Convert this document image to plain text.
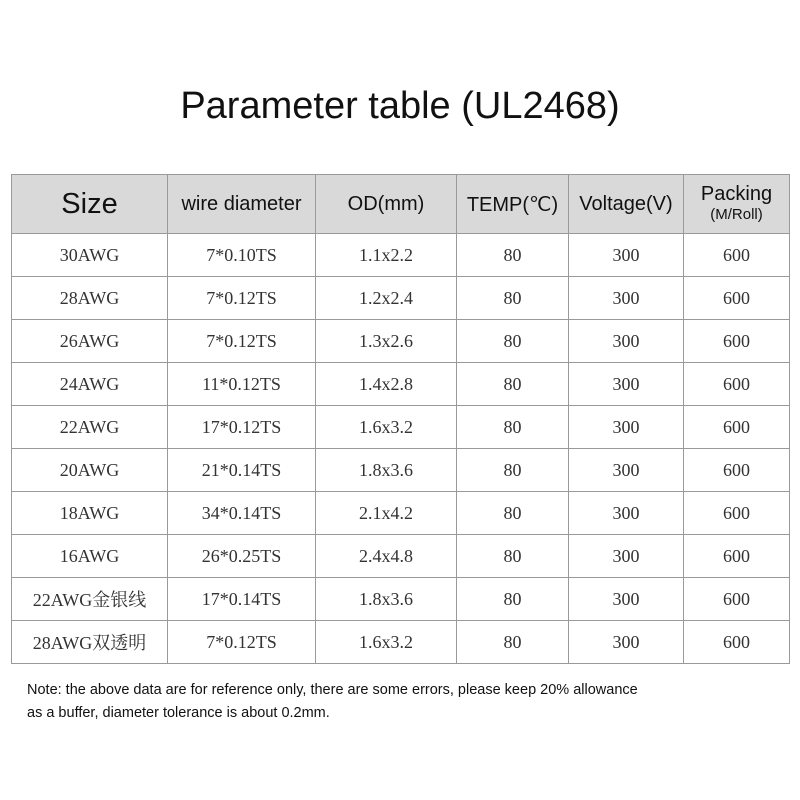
Parameter table (UL2468)
Size	wire diameter	OD(mm)	TEMP(℃)	Voltage(V)	Packing
(M/Roll)

30AWG	7*0.10TS	1.1x2.2	80	300	600
28AWG	7*0.12TS	1.2x2.4	80	300	600
26AWG	7*0.12TS	1.3x2.6	80	300	600
24AWG	11*0.12TS	1.4x2.8	80	300	600
22AWG	17*0.12TS	1.6x3.2	80	300	600
20AWG	21*0.14TS	1.8x3.6	80	300	600
18AWG	34*0.14TS	2.1x4.2	80	300	600
16AWG	26*0.25TS	2.4x4.8	80	300	600
22AWG金银线	17*0.14TS	1.8x3.6	80	300	600
28AWG双透明	7*0.12TS	1.6x3.2	80	300	600
Note: the above data are for reference only, there are some errors, please keep 20% allowance
as a buffer, diameter tolerance is about 0.2mm.
